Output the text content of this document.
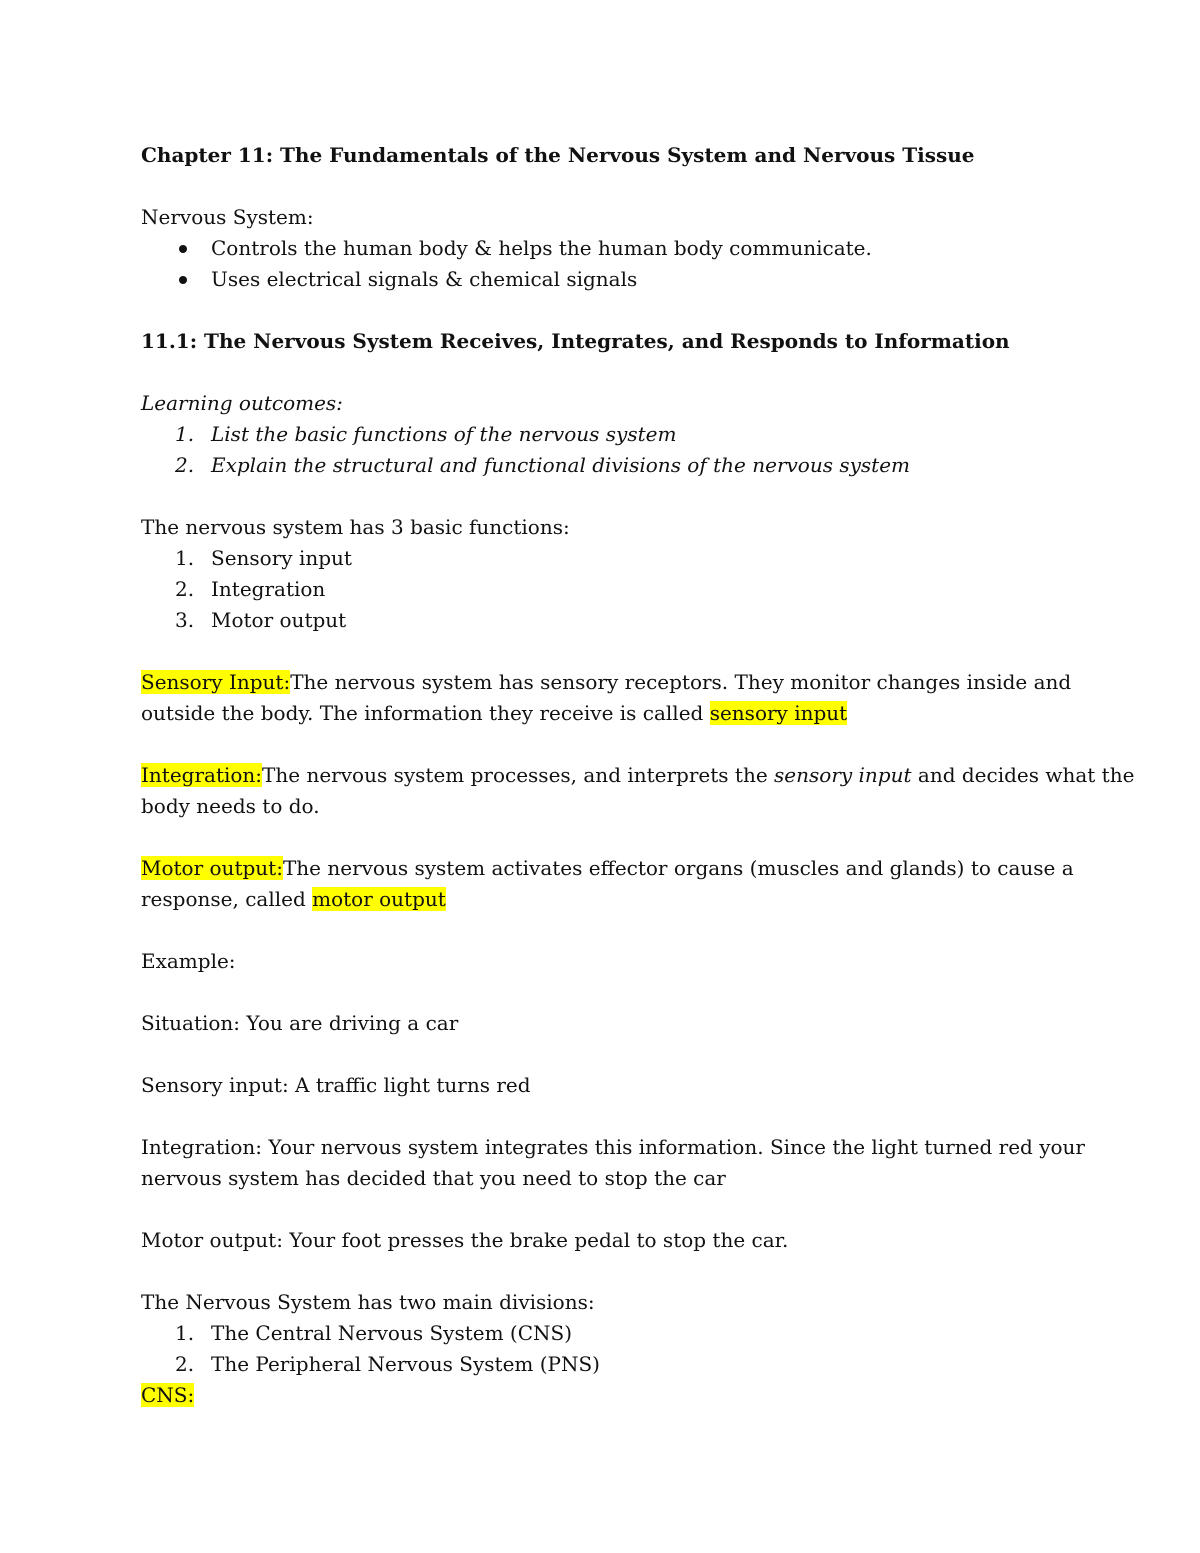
Chapter 11: The Fundamentals of the Nervous System and Nervous Tissue
Nervous System:
Controls the human body & helps the human body communicate.
Uses electrical signals & chemical signals
11.1: The Nervous System Receives, Integrates, and Responds to Information
Learning outcomes:
1. List the basic functions of the nervous system
2. Explain the structural and functional divisions of the nervous system
The nervous system has 3 basic functions:
1. Sensory input
2. Integration
3. Motor output
Sensory Input:The nervous system has sensory receptors. They monitor changes inside and
outside the body. The information they receive is called sensory input
Integration:The nervous system processes, and interprets the sensory input and decides what the
body needs to do.
Motor output:The nervous system activates effector organs (muscles and glands) to cause a
response, called motor output
Example:
Situation: You are driving a car
Sensory input: A traffic light turns red
Integration: Your nervous system integrates this information. Since the light turned red your
nervous system has decided that you need to stop the car
Motor output: Your foot presses the brake pedal to stop the car.
The Nervous System has two main divisions:
1. The Central Nervous System (CNS)
2. The Peripheral Nervous System (PNS)
CNS:
